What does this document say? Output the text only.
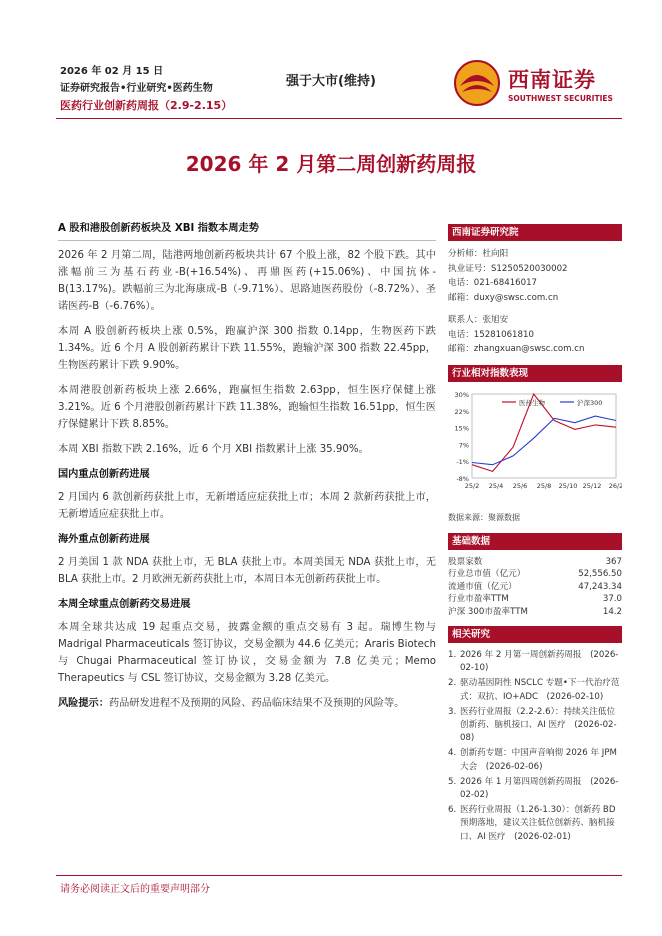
2026 年 02 月 15 日
证券研究报告•行业研究•医药生物
医药行业创新药周报（2.9-2.15）
强于大市(维持)	西南证券
SOUTHWEST SECURITIES
2026 年 2 月第二周创新药周报
A 股和港股创新药板块及 XBI 指数本周走势

2026 年 2 月第二周，陆港两地创新药板块共计 67 个股上涨，82 个股下跌。其中涨幅前三为基石药业-B(+16.54%)、再鼎医药(+15.06%)、中国抗体-B(13.17%)。跌幅前三为北海康成-B（-9.71%）、思路迪医药股份（-8.72%）、圣诺医药-B（-6.76%）。

本周 A 股创新药板块上涨 0.5%，跑赢沪深 300 指数 0.14pp，生物医药下跌 1.34%。近 6 个月 A 股创新药累计下跌 11.55%，跑输沪深 300 指数 22.45pp，生物医药累计下跌 9.90%。

本周港股创新药板块上涨 2.66%，跑赢恒生指数 2.63pp，恒生医疗保健上涨 3.21%。近 6 个月港股创新药累计下跌 11.38%，跑输恒生指数 16.51pp，恒生医疗保健累计下跌 8.85%。

本周 XBI 指数下跌 2.16%，近 6 个月 XBI 指数累计上涨 35.90%。

国内重点创新药进展

2 月国内 6 款创新药获批上市，无新增适应症获批上市；本周 2 款新药获批上市，无新增适应症获批上市。

海外重点创新药进展

2 月美国 1 款 NDA 获批上市，无 BLA 获批上市。本周美国无 NDA 获批上市，无 BLA 获批上市。2 月欧洲无新药获批上市，本周日本无创新药获批上市。

本周全球重点创新药交易进展

本周全球共达成 19 起重点交易，披露金额的重点交易有 3 起。瑞博生物与 Madrigal Pharmaceuticals 签订协议，交易金额为 44.6 亿美元；Araris Biotech 与 Chugai Pharmaceutical 签订协议，交易金额为 7.8 亿美元；Memo Therapeutics 与 CSL 签订协议，交易金额为 3.28 亿美元。

风险提示：药品研发进程不及预期的风险、药品临床结果不及预期的风险等。

西南证券研究院
分析师：杜向阳
执业证号：S1250520030002
电话：021-68416017
邮箱：duxy@swsc.com.cn
联系人：张旭安
电话：15281061810
邮箱：zhangxuan@swsc.com.cn
行业相对指数表现
30%
22%
15%
7%
-1%
-8%
25/2 25/4 25/6 25/8 25/10 25/12 26/2
医药生物	沪深300
数据来源：聚源数据
基础数据
股票家数	367
行业总市值（亿元）	52,556.50
流通市值（亿元）	47,243.34
行业市盈率TTM	37.0
沪深 300市盈率TTM	14.2
相关研究
1. 2026 年 2 月第一周创新药周报　(2026-02-10)
2. 驱动基因阴性 NSCLC 专题•下一代治疗范式：双抗、IO+ADC　(2026-02-10)
3. 医药行业周报（2.2-2.6）：持续关注低位创新药、脑机接口、AI 医疗　(2026-02-08)
4. 创新药专题：中国声音响彻 2026 年 JPM 大会　(2026-02-06)
5. 2026 年 1 月第四周创新药周报　(2026-02-02)
6. 医药行业周报（1.26-1.30）：创新药 BD预期落地，建议关注低位创新药、脑机接口、AI 医疗　(2026-02-01)
请务必阅读正文后的重要声明部分
